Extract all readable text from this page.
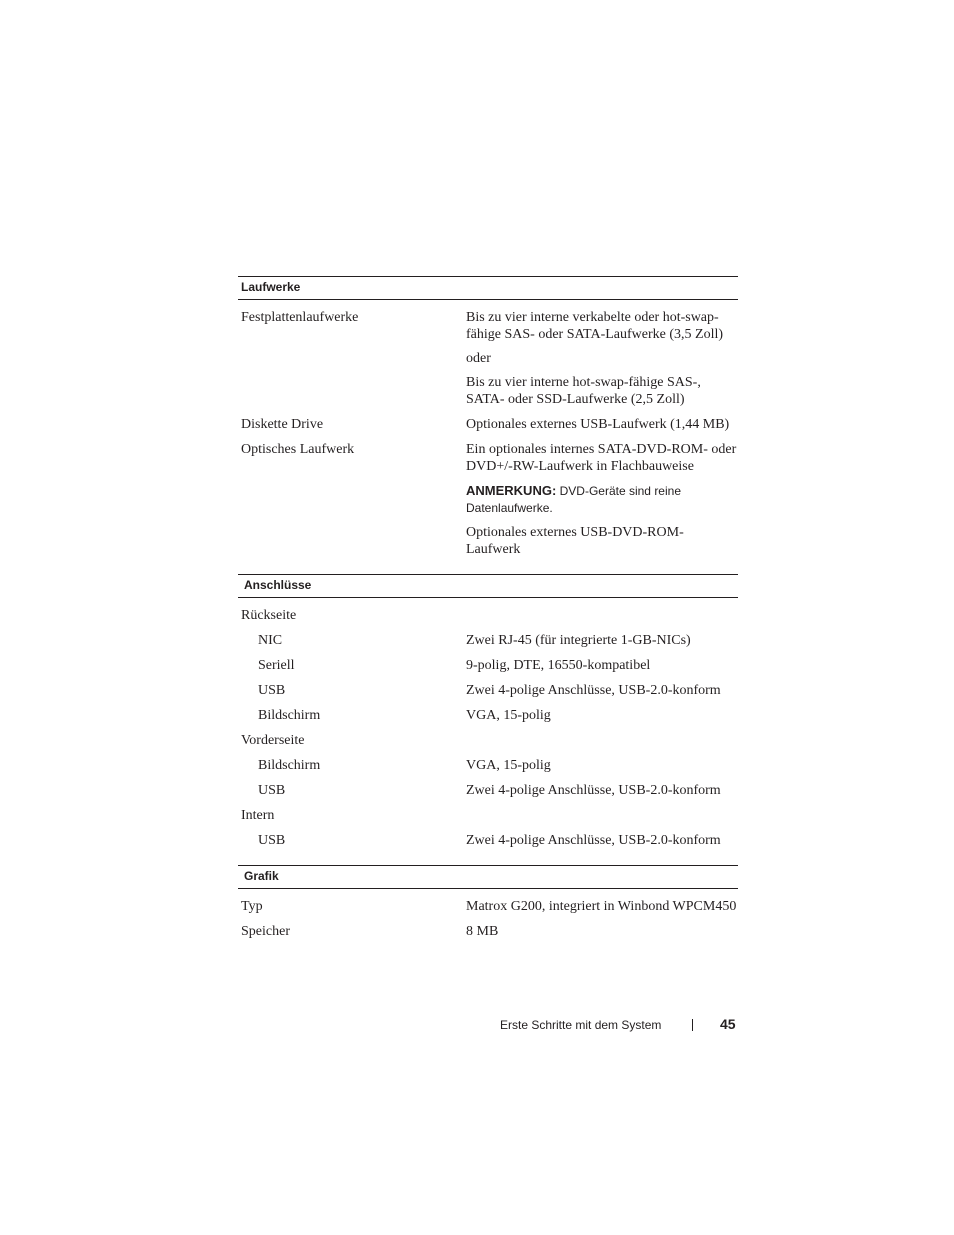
Laufwerke
Festplattenlaufwerke	Bis zu vier interne verkabelte oder hot-swap-fähige SAS- oder SATA-Laufwerke (3,5 Zoll)

oder

Bis zu vier interne hot-swap-fähige SAS-, SATA- oder SSD-Laufwerke (2,5 Zoll)

Diskette Drive	Optionales externes USB-Laufwerk (1,44 MB)
Optisches Laufwerk	Ein optionales internes SATA-DVD-ROM- oder DVD+/-RW-Laufwerk in Flachbauweise

ANMERKUNG: DVD-Geräte sind reine Datenlaufwerke.

Optionales externes USB-DVD-ROM-Laufwerk

Anschlüsse
Rückseite
NIC	Zwei RJ-45 (für integrierte 1-GB-NICs)
Seriell	9-polig, DTE, 16550-kompatibel
USB	Zwei 4-polige Anschlüsse, USB-2.0-konform
Bildschirm	VGA, 15-polig
Vorderseite
Bildschirm	VGA, 15-polig
USB	Zwei 4-polige Anschlüsse, USB-2.0-konform
Intern
USB	Zwei 4-polige Anschlüsse, USB-2.0-konform
Grafik
Typ	Matrox G200, integriert in Winbond WPCM450
Speicher	8 MB
Erste Schritte mit dem System	45
